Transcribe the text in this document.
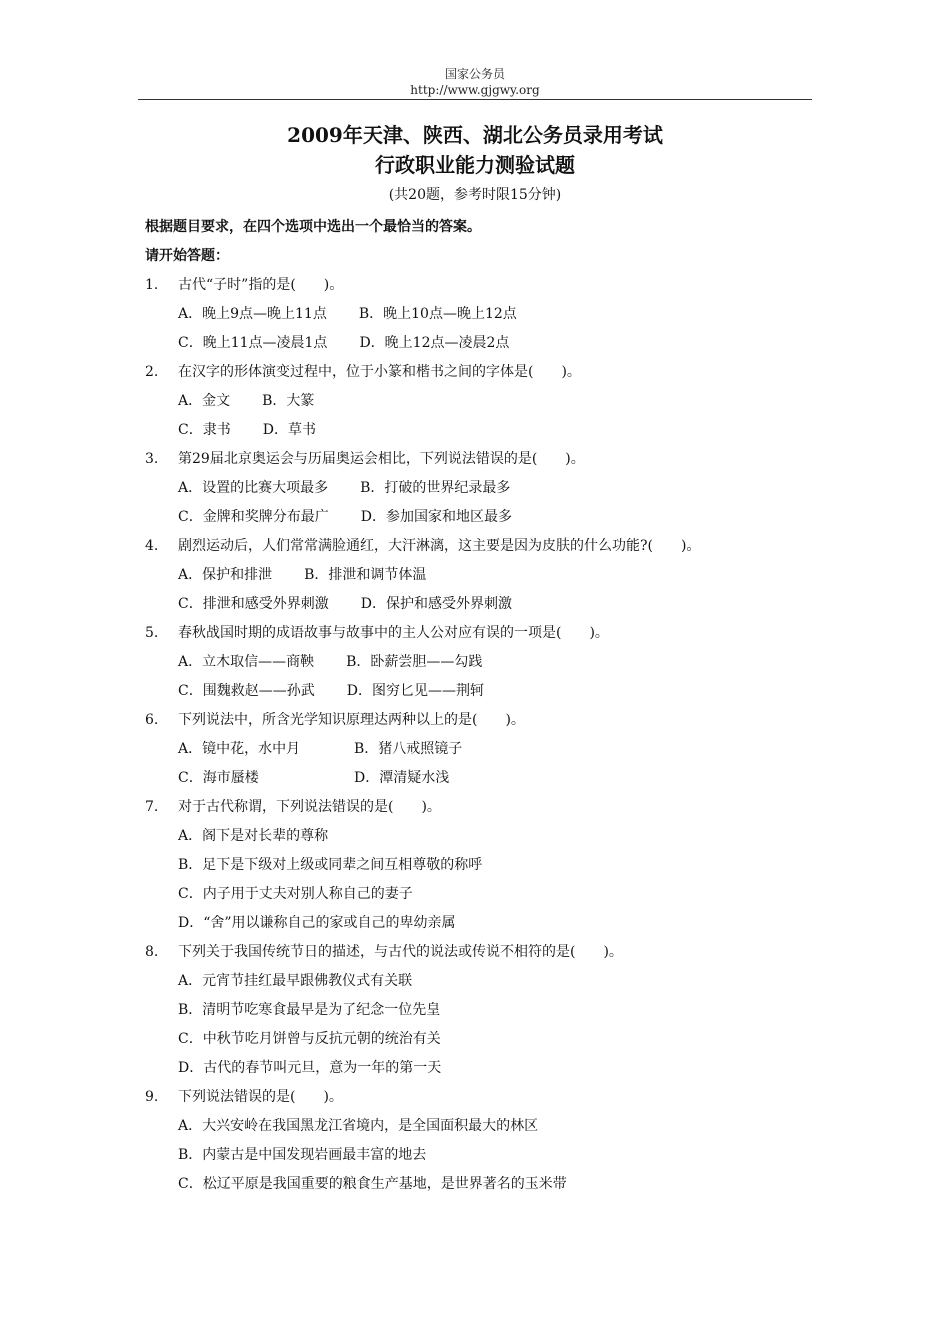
国家公务员
http://www.gjgwy.org
2009年天津、陕西、湖北公务员录用考试
行政职业能力测验试题
(共20题，参考时限15分钟)
根据题目要求，在四个选项中选出一个最恰当的答案。
请开始答题：
1.	古代“子时”指的是(　　)。
A．晚上9点—晚上11点 B．晚上10点—晚上12点
C．晚上11点—凌晨1点 D．晚上12点—凌晨2点
2.	在汉字的形体演变过程中，位于小篆和楷书之间的字体是(　　)。
A．金文 B．大篆
C．隶书 D．草书
3.	第29届北京奥运会与历届奥运会相比，下列说法错误的是(　　)。
A．设置的比赛大项最多 B．打破的世界纪录最多
C．金牌和奖牌分布最广 D．参加国家和地区最多
4.	剧烈运动后，人们常常满脸通红，大汗淋漓，这主要是因为皮肤的什么功能?(　　)。
A．保护和排泄 B．排泄和调节体温
C．排泄和感受外界刺激 D．保护和感受外界刺激
5.	春秋战国时期的成语故事与故事中的主人公对应有误的一项是(　　)。
A．立木取信——商鞅 B．卧薪尝胆——勾践
C．围魏救赵——孙武 D．图穷匕见——荆轲
6.	下列说法中，所含光学知识原理达两种以上的是(　　)。
A．镜中花，水中月	B．猪八戒照镜子
C．海市蜃楼	D．潭清疑水浅
7.	对于古代称谓，下列说法错误的是(　　)。
A．阁下是对长辈的尊称
B．足下是下级对上级或同辈之间互相尊敬的称呼
C．内子用于丈夫对别人称自己的妻子
D．“舍”用以谦称自己的家或自己的卑幼亲属
8.	下列关于我国传统节日的描述，与古代的说法或传说不相符的是(　　)。
A．元宵节挂红最早跟佛教仪式有关联
B．清明节吃寒食最早是为了纪念一位先皇
C．中秋节吃月饼曾与反抗元朝的统治有关
D．古代的春节叫元旦，意为一年的第一天
9.	下列说法错误的是(　　)。
A．大兴安岭在我国黑龙江省境内，是全国面积最大的林区
B．内蒙古是中国发现岩画最丰富的地去
C．松辽平原是我国重要的粮食生产基地，是世界著名的玉米带
